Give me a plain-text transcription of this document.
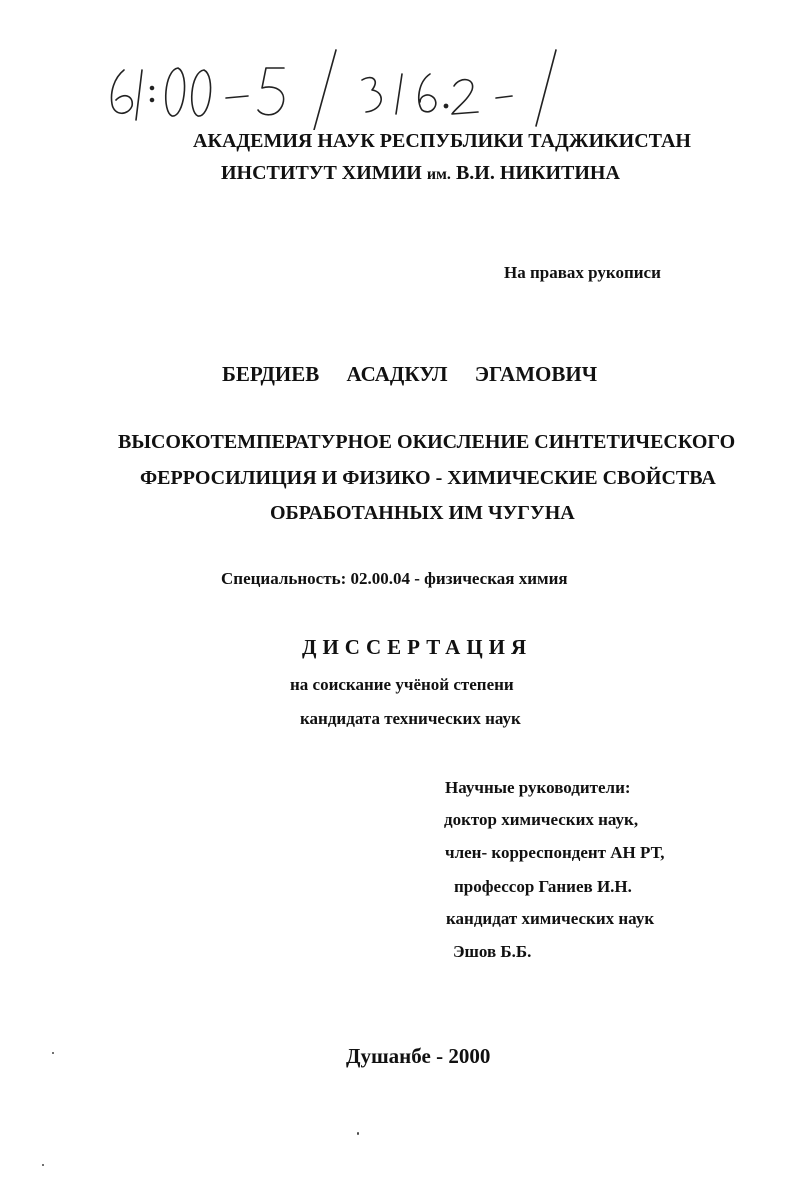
АКАДЕМИЯ НАУК РЕСПУБЛИКИ ТАДЖИКИСТАН
ИНСТИТУТ ХИМИИ им. В.И. НИКИТИНА
На правах рукописи
БЕРДИЕВ АСАДКУЛ ЭГАМОВИЧ
ВЫСОКОТЕМПЕРАТУРНОЕ ОКИСЛЕНИЕ СИНТЕТИЧЕСКОГО
ФЕРРОСИЛИЦИЯ И ФИЗИКО - ХИМИЧЕСКИЕ СВОЙСТВА
ОБРАБОТАННЫХ ИМ ЧУГУНА
Специальность: 02.00.04 - физическая химия
ДИССЕРТАЦИЯ
на соискание учёной степени
кандидата технических наук
Научные руководители:
доктор химических наук,
член- корреспондент АН РТ,
профессор Ганиев И.Н.
кандидат химических наук
Эшов Б.Б.
Душанбе - 2000
